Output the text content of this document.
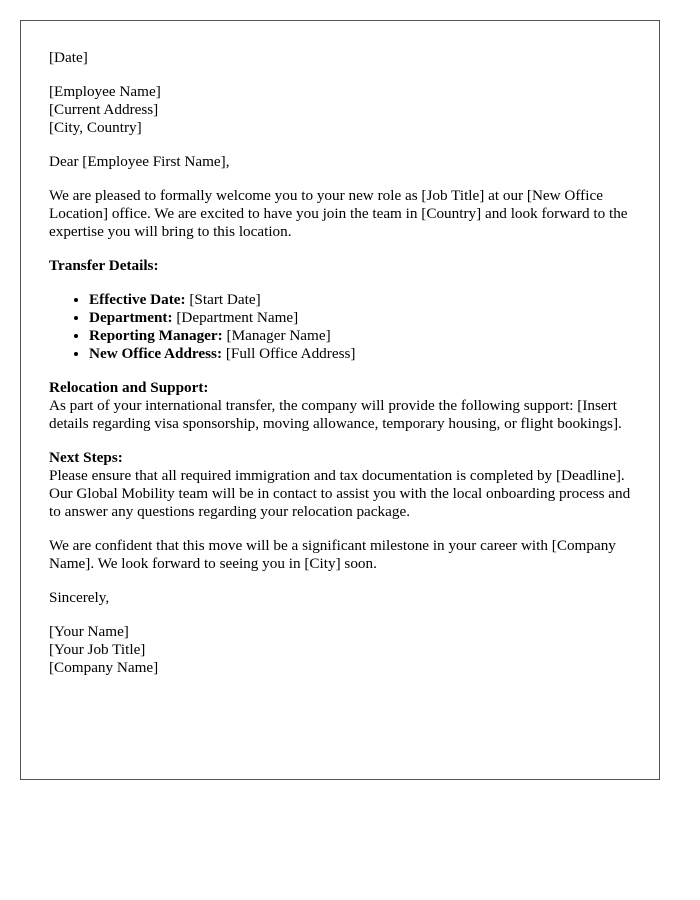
[Date]
[Employee Name]
[Current Address]
[City, Country]
Dear [Employee First Name],
We are pleased to formally welcome you to your new role as [Job Title] at our [New Office Location] office. We are excited to have you join the team in [Country] and look forward to the expertise you will bring to this location.
Transfer Details:
• Effective Date: [Start Date]
• Department: [Department Name]
• Reporting Manager: [Manager Name]
• New Office Address: [Full Office Address]
Relocation and Support:
As part of your international transfer, the company will provide the following support: [Insert details regarding visa sponsorship, moving allowance, temporary housing, or flight bookings].
Next Steps:
Please ensure that all required immigration and tax documentation is completed by [Deadline]. Our Global Mobility team will be in contact to assist you with the local onboarding process and to answer any questions regarding your relocation package.
We are confident that this move will be a significant milestone in your career with [Company Name]. We look forward to seeing you in [City] soon.
Sincerely,
[Your Name]
[Your Job Title]
[Company Name]
